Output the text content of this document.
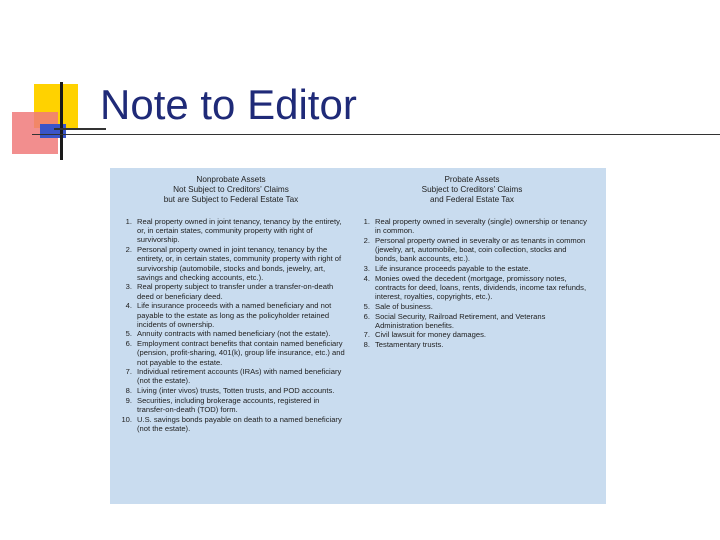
Note to Editor
Nonprobate Assets
Not Subject to Creditors’ Claims
but are Subject to Federal Estate Tax
1. Real property owned in joint tenancy, tenancy by the entirety, or, in certain states, community property with right of survivorship.
2. Personal property owned in joint tenancy, tenancy by the entirety, or, in certain states, community property with right of survivorship (automobile, stocks and bonds, jewelry, art, savings and checking accounts, etc.).
3. Real property subject to transfer under a transfer-on-death deed or beneficiary deed.
4. Life insurance proceeds with a named beneficiary and not payable to the estate as long as the policyholder retained incidents of ownership.
5. Annuity contracts with named beneficiary (not the estate).
6. Employment contract benefits that contain named beneficiary (pension, profit-sharing, 401(k), group life insurance, etc.) and not payable to the estate.
7. Individual retirement accounts (IRAs) with named beneficiary (not the estate).
8. Living (inter vivos) trusts, Totten trusts, and POD accounts.
9. Securities, including brokerage accounts, registered in transfer-on-death (TOD) form.
10. U.S. savings bonds payable on death to a named beneficiary (not the estate).
Probate Assets
Subject to Creditors’ Claims
and Federal Estate Tax
1. Real property owned in severalty (single) ownership or tenancy in common.
2. Personal property owned in severalty or as tenants in common (jewelry, art, automobile, boat, coin collection, stocks and bonds, bank accounts, etc.).
3. Life insurance proceeds payable to the estate.
4. Monies owed the decedent (mortgage, promissory notes, contracts for deed, loans, rents, dividends, income tax refunds, interest, royalties, copyrights, etc.).
5. Sale of business.
6. Social Security, Railroad Retirement, and Veterans Administration benefits.
7. Civil lawsuit for money damages.
8. Testamentary trusts.
